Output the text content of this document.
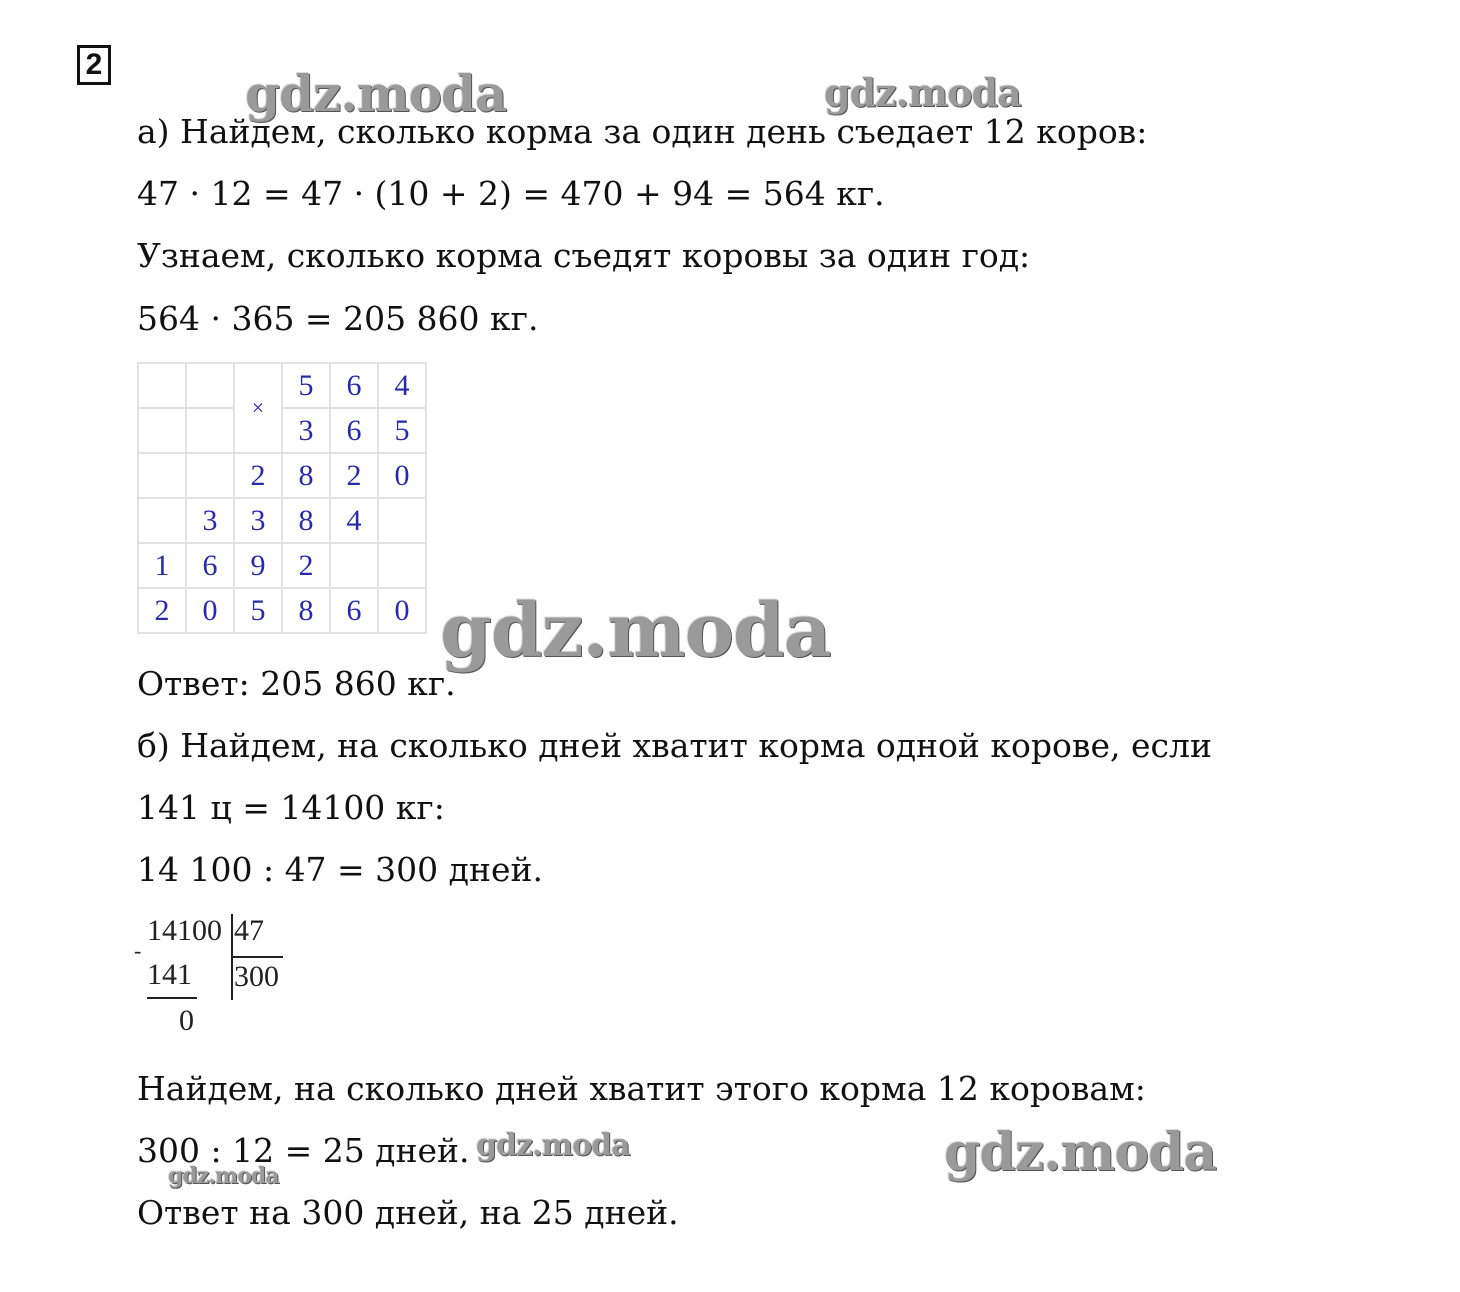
2	gdz.moda	gdz.moda
gdz.moda
gdz.moda
gdz.moda	gdz.moda
а) Найдем, сколько корма за один день съедает 12 коров:
47 · 12 = 47 · (10 + 2) = 470 + 94 = 564 кг.
Узнаем, сколько корма съедят коровы за один год:
564 · 365 = 205 860 кг.
		×	5	6	4
			3	6	5
		2	8	2	0
	3	3	8	4	
1	6	9	2		
2	0	5	8	6	0
Ответ: 205 860 кг.
б) Найдем, на сколько дней хватит корма одной корове, если
141 ц = 14100 кг:
14 100 : 47 = 300 дней.
14100 47
-
141 300
0
Найдем, на сколько дней хватит этого корма 12 коровам:
300 : 12 = 25 дней.
Ответ на 300 дней, на 25 дней.
